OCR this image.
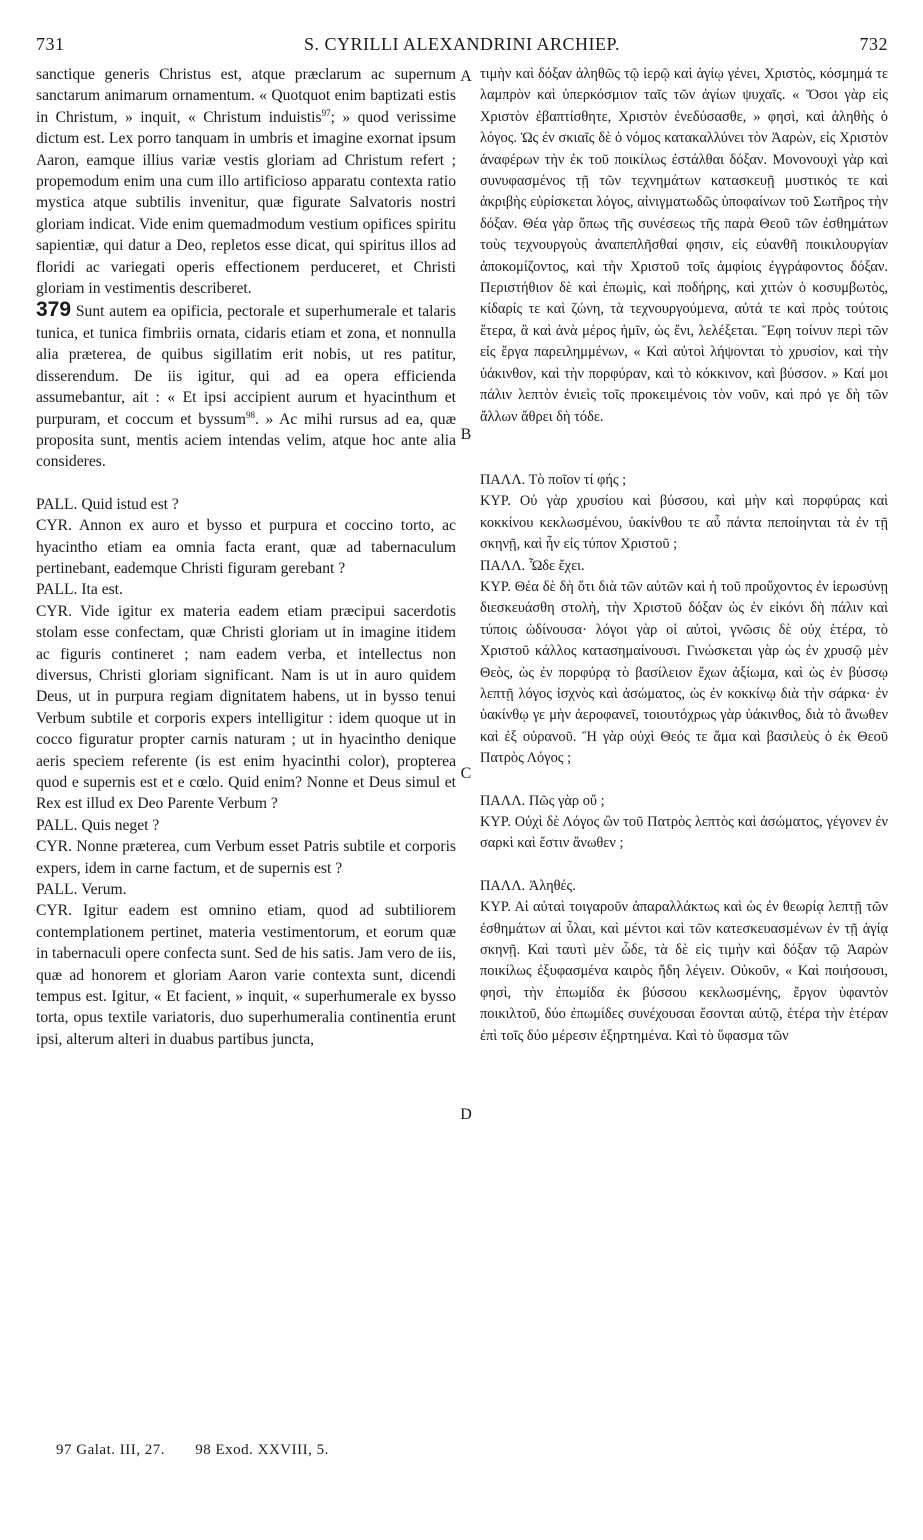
731	S. CYRILLI ALEXANDRINI ARCHIEP.	732

sanctique generis Christus est, atque præclarum ac supernum sanctarum animarum ornamentum. « Quotquot enim baptizati estis in Christum, » inquit, « Christum induistis$^{97}$; » quod verissime dictum est. Lex porro tanquam in umbris et imagine exornat ipsum Aaron, eamque illius variæ vestis gloriam ad Christum refert ; propemodum enim una cum illo artificioso apparatu contexta ratio mystica atque subtilis invenitur, quæ figurate Salvatoris nostri gloriam indicat. Vide enim quemadmodum vestium opifices spiritu sapientiæ, qui datur a Deo, repletos esse dicat, qui spiritus illos ad floridi ac variegati operis effectionem perduceret, et Christi gloriam in vestimentis describeret.

379 Sunt autem ea opificia, pectorale et superhumerale et talaris tunica, et tunica fimbriis ornata, cidaris etiam et zona, et nonnulla alia præterea, de quibus sigillatim erit nobis, ut res patitur, disserendum. De iis igitur, qui ad ea opera efficienda assumebantur, ait : « Et ipsi accipient aurum et hyacinthum et purpuram, et coccum et byssum$^{98}$. » Ac mihi rursus ad ea, quæ proposita sunt, mentis aciem intendas velim, atque hoc ante alia consideres.

PALL. Quid istud est ?

CYR. Annon ex auro et bysso et purpura et coccino torto, ac hyacintho etiam ea omnia facta erant, quæ ad tabernaculum pertinebant, eademque Christi figuram gerebant ?

PALL. Ita est.

CYR. Vide igitur ex materia eadem etiam præcipui sacerdotis stolam esse confectam, quæ Christi gloriam ut in imagine itidem ac figuris contineret ; nam eadem verba, et intellectus non diversus, Christi gloriam significant. Nam is ut in auro quidem Deus, ut in purpura regiam dignitatem habens, ut in bysso tenui Verbum subtile et corporis expers intelligitur : idem quoque ut in cocco figuratur propter carnis naturam ; ut in hyacintho denique aeris speciem referente (is est enim hyacinthi color), propterea quod e supernis est et e cœlo. Quid enim? Nonne et Deus simul et Rex est illud ex Deo Parente Verbum ?

PALL. Quis neget ?

CYR. Nonne præterea, cum Verbum esset Patris subtile et corporis expers, idem in carne factum, et de supernis est ?

PALL. Verum.

CYR. Igitur eadem est omnino etiam, quod ad subtiliorem contemplationem pertinet, materia vestimentorum, et eorum quæ in tabernaculi opere confecta sunt. Sed de his satis. Jam vero de iis, quæ ad honorem et gloriam Aaron varie contexta sunt, dicendi tempus est. Igitur, « Et facient, » inquit, « superhumerale ex bysso torta, opus textile variatoris, duo superhumeralia continentia erunt ipsi, alterum alteri in duabus partibus juncta,

A
B
C
D

τιμὴν καὶ δόξαν ἀληθῶς τῷ ἱερῷ καὶ ἁγίῳ γένει, Χριστὸς, κόσμημά τε λαμπρὸν καὶ ὑπερκόσμιον ταῖς τῶν ἁγίων ψυχαῖς. « Ὅσοι γὰρ εἰς Χριστὸν ἐβαπτίσθητε, Χριστὸν ἐνεδύσασθε, » φησὶ, καὶ ἀληθὴς ὁ λόγος. Ὡς ἐν σκιαῖς δὲ ὁ νόμος κατακαλλύνει τὸν Ἀαρὼν, εἰς Χριστὸν ἀναφέρων τὴν ἐκ τοῦ ποικίλως ἐστάλθαι δόξαν. Μονονουχὶ γὰρ καὶ συνυφασμένος τῇ τῶν τεχνημάτων κατασκευῇ μυστικός τε καὶ ἀκριβὴς εὑρίσκεται λόγος, αἰνιγματωδῶς ὑποφαίνων τοῦ Σωτῆρος τὴν δόξαν. Θέα γὰρ ὅπως τῆς συνέσεως τῆς παρὰ Θεοῦ τῶν ἐσθημάτων τοὺς τεχνουργοὺς ἀναπεπλῆσθαί φησιν, εἰς εὐανθῆ ποικιλουργίαν ἀποκομίζοντος, καὶ τὴν Χριστοῦ τοῖς ἀμφίοις ἐγγράφοντος δόξαν. Περιστήθιον δὲ καὶ ἐπωμὶς, καὶ ποδήρης, καὶ χιτὼν ὁ κοσυμβωτὸς, κίδαρίς τε καὶ ζώνη, τὰ τεχνουργούμενα, αὐτά τε καὶ πρὸς τούτοις ἕτερα, ἃ καὶ ἀνὰ μέρος ἡμῖν, ὡς ἔνι, λελέξεται. Ἔφη τοίνυν περὶ τῶν εἰς ἔργα παρειλημμένων, « Καὶ αὐτοὶ λήψονται τὸ χρυσίον, καὶ τὴν ὑάκινθον, καὶ τὴν πορφύραν, καὶ τὸ κόκκινον, καὶ βύσσον. » Καί μοι πάλιν λεπτὸν ἐνιεὶς τοῖς προκειμένοις τὸν νοῦν, καὶ πρό γε δὴ τῶν ἄλλων ἄθρει δὴ τόδε.

ΠΑΛΛ. Τὸ ποῖον τί φής ;

ΚΥΡ. Οὐ γὰρ χρυσίου καὶ βύσσου, καὶ μὴν καὶ πορφύρας καὶ κοκκίνου κεκλωσμένου, ὑακίνθου τε αὖ πάντα πεποίηνται τὰ ἐν τῇ σκηνῇ, καὶ ἦν εἰς τύπον Χριστοῦ ;

ΠΑΛΛ. Ὧδε ἔχει.

ΚΥΡ. Θέα δὲ δὴ ὅτι διὰ τῶν αὐτῶν καὶ ἡ τοῦ προὔχοντος ἐν ἱερωσύνῃ διεσκευάσθη στολὴ, τὴν Χριστοῦ δόξαν ὡς ἐν εἰκόνι δὴ πάλιν καὶ τύποις ὠδίνουσα· λόγοι γὰρ οἱ αὐτοὶ, γνῶσις δὲ οὐχ ἑτέρα, τὸ Χριστοῦ κάλλος κατασημαίνουσι. Γινώσκεται γὰρ ὡς ἐν χρυσῷ μὲν Θεὸς, ὡς ἐν πορφύρᾳ τὸ βασίλειον ἔχων ἀξίωμα, καὶ ὡς ἐν βύσσῳ λεπτῇ λόγος ἰσχνὸς καὶ ἀσώματος, ὡς ἐν κοκκίνῳ διὰ τὴν σάρκα· ἐν ὑακίνθῳ γε μὴν ἀεροφανεῖ, τοιουτόχρως γὰρ ὑάκινθος, διὰ τὸ ἄνωθεν καὶ ἐξ οὐρανοῦ. Ἢ γὰρ οὐχὶ Θεός τε ἅμα καὶ βασιλεὺς ὁ ἐκ Θεοῦ Πατρὸς Λόγος ;

ΠΑΛΛ. Πῶς γὰρ οὔ ;

ΚΥΡ. Οὐχὶ δὲ Λόγος ὢν τοῦ Πατρὸς λεπτὸς καὶ ἀσώματος, γέγονεν ἐν σαρκὶ καὶ ἔστιν ἄνωθεν ;

ΠΑΛΛ. Ἀληθές.

ΚΥΡ. Αἱ αὐταὶ τοιγαροῦν ἀπαραλλάκτως καὶ ὡς ἐν θεωρίᾳ λεπτῇ τῶν ἐσθημάτων αἱ ὗλαι, καὶ μέντοι καὶ τῶν κατεσκευασμένων ἐν τῇ ἁγίᾳ σκηνῇ. Καὶ ταυτὶ μὲν ὧδε, τὰ δὲ εἰς τιμὴν καὶ δόξαν τῷ Ἀαρὼν ποικίλως ἐξυφασμένα καιρὸς ἤδη λέγειν. Οὐκοῦν, « Καὶ ποιήσουσι, φησὶ, τὴν ἐπωμίδα ἐκ βύσσου κεκλωσμένης, ἔργον ὑφαντὸν ποικιλτοῦ, δύο ἐπωμίδες συνέχουσαι ἔσονται αὐτῷ, ἑτέρα τὴν ἑτέραν ἐπὶ τοῖς δύο μέρεσιν ἐξηρτημένα. Καὶ τὸ ὕφασμα τῶν

97 Galat. III, 27. 98 Exod. XXVIII, 5.
